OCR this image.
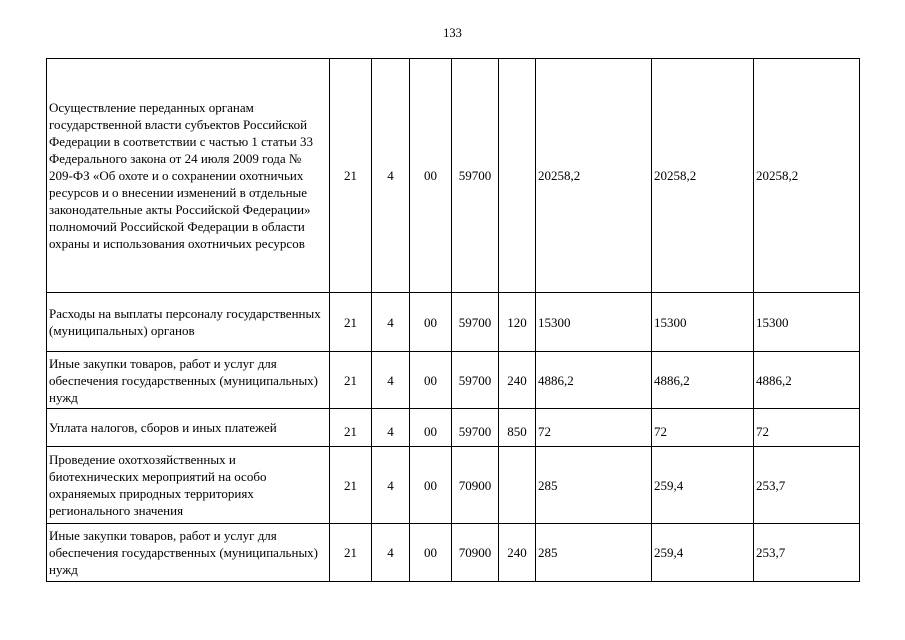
133
Осуществление переданных органам государственной власти субъектов Российской Федерации в соответствии с частью 1 статьи 33 Федерального закона от 24 июля 2009 года № 209-ФЗ «Об охоте и о сохранении охотничьих ресурсов и о внесении изменений в отдельные законодательные акты Российской Федерации» полномочий Российской Федерации в области охраны и использования охотничьих ресурсов	21	4	00	59700		20258,2	20258,2	20258,2
Расходы на выплаты персоналу государственных (муниципальных) органов	21	4	00	59700	120	15300	15300	15300
Иные закупки товаров, работ и услуг для обеспечения государственных (муниципальных) нужд	21	4	00	59700	240	4886,2	4886,2	4886,2
Уплата налогов, сборов и иных платежей	21	4	00	59700	850	72	72	72
Проведение охотхозяйственных и биотехнических мероприятий на особо охраняемых природных территориях регионального значения	21	4	00	70900		285	259,4	253,7
Иные закупки товаров, работ и услуг для обеспечения государственных (муниципальных) нужд	21	4	00	70900	240	285	259,4	253,7
